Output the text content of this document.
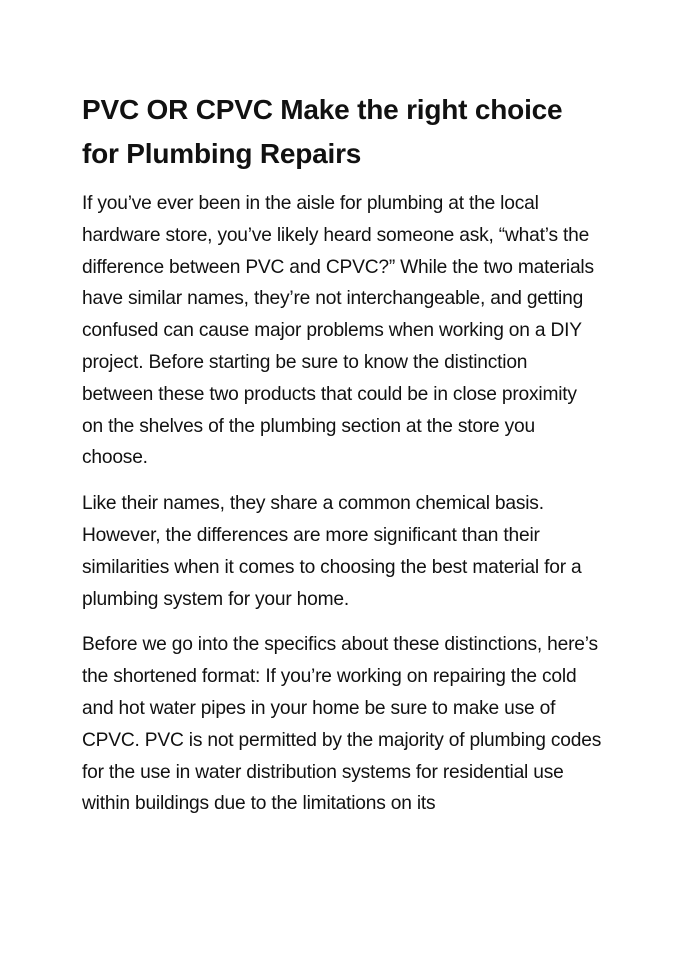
PVC OR CPVC Make the right choice for Plumbing Repairs

If you’ve ever been in the aisle for plumbing at the local hardware store, you’ve likely heard someone ask, “what’s the difference between PVC and CPVC?” While the two materials have similar names, they’re not interchangeable, and getting confused can cause major problems when working on a DIY project. Before starting be sure to know the distinction between these two products that could be in close proximity on the shelves of the plumbing section at the store you choose.

Like their names, they share a common chemical basis. However, the differences are more significant than their similarities when it comes to choosing the best material for a plumbing system for your home.

Before we go into the specifics about these distinctions, here’s the shortened format: If you’re working on repairing the cold and hot water pipes in your home be sure to make use of CPVC. PVC is not permitted by the majority of plumbing codes for the use in water distribution systems for residential use within buildings due to the limitations on its
